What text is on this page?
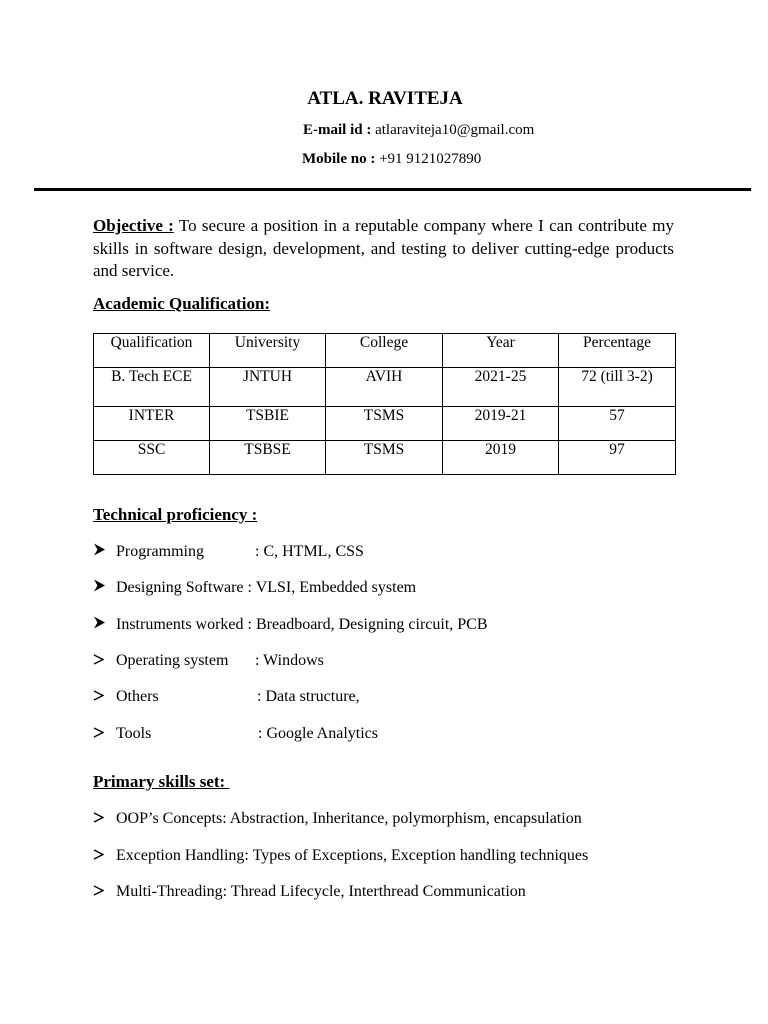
ATLA. RAVITEJA
E-mail id : atlaraviteja10@gmail.com
Mobile no : +91 9121027890
Objective : To secure a position in a reputable company where I can contribute my skills in software design, development, and testing to deliver cutting-edge products and service.
Academic Qualification:
Qualification	University	College	Year	Percentage
B. Tech ECE	JNTUH	AVIH	2021-25	72 (till 3-2)
INTER	TSBIE	TSMS	2019-21	57
SSC	TSBSE	TSMS	2019	97
Technical proficiency :
Programming	: C, HTML, CSS
Designing Software : VLSI, Embedded system
Instruments worked :
Breadboard, Designing circuit, PCB
Operating system	: Windows
Others	: Data structure,
Tools	: Google Analytics
Primary skills set:
OOP’s Concepts: Abstraction, Inheritance, polymorphism, encapsulation
Exception Handling: Types of Exceptions, Exception handling techniques
Multi-Threading: Thread Lifecycle, Interthread Communication
